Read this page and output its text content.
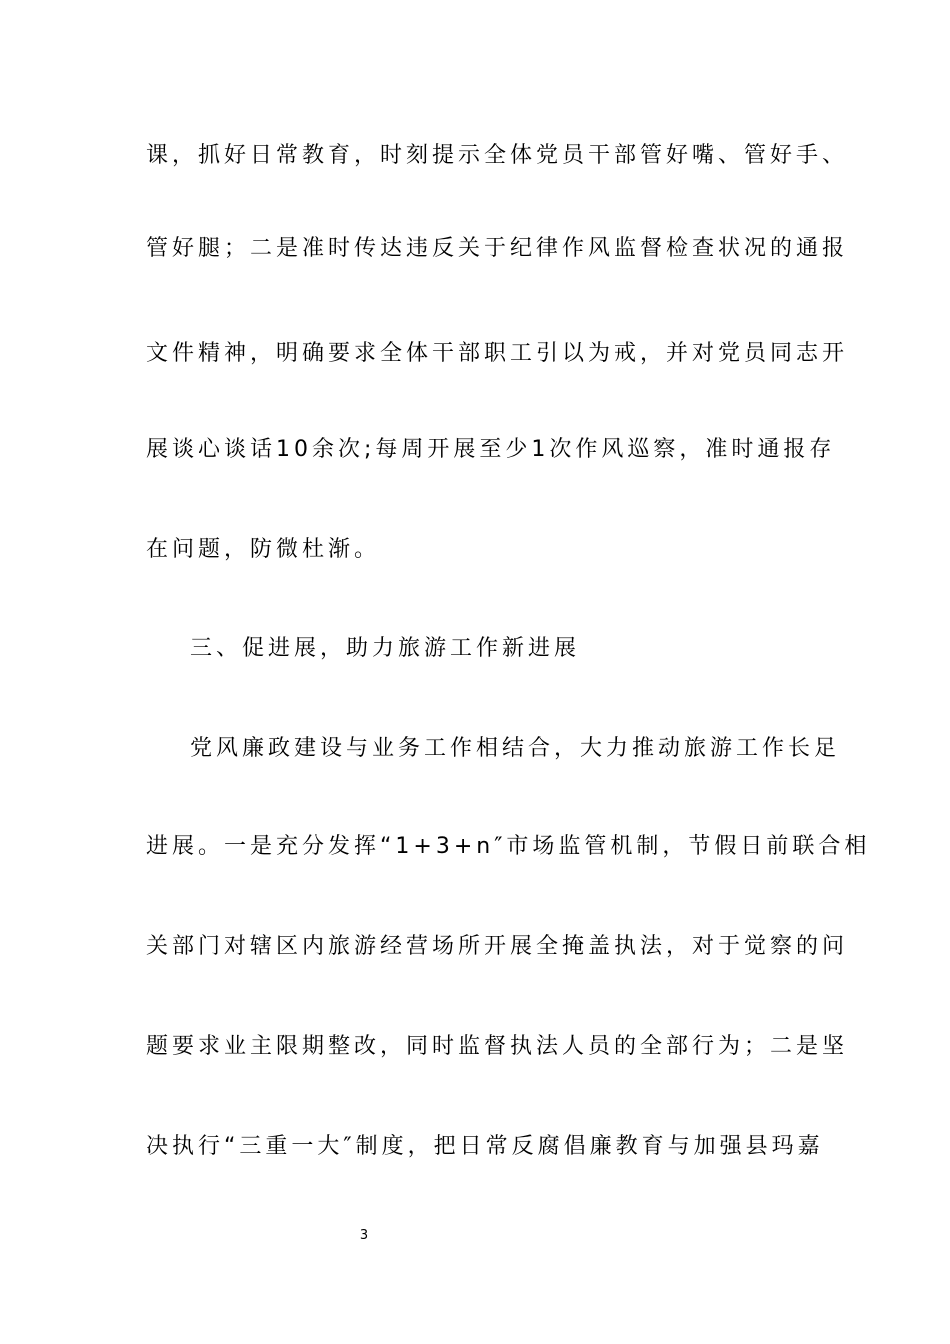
课，抓好日常教育，时刻提示全体党员干部管好嘴、管好手、
管好腿；二是准时传达违反关于纪律作风监督检查状况的通报
文件精神，明确要求全体干部职工引以为戒，并对党员同志开
展谈心谈话10余次;每周开展至少1次作风巡察，准时通报存
在问题，防微杜渐。
三、促进展，助力旅游工作新进展
党风廉政建设与业务工作相结合，大力推动旅游工作长足
进展。一是充分发挥“1+3+n″市场监管机制，节假日前联合相
关部门对辖区内旅游经营场所开展全掩盖执法，对于觉察的问
题要求业主限期整改，同时监督执法人员的全部行为；二是坚
决执行“三重一大″制度，把日常反腐倡廉教育与加强县玛嘉
3
